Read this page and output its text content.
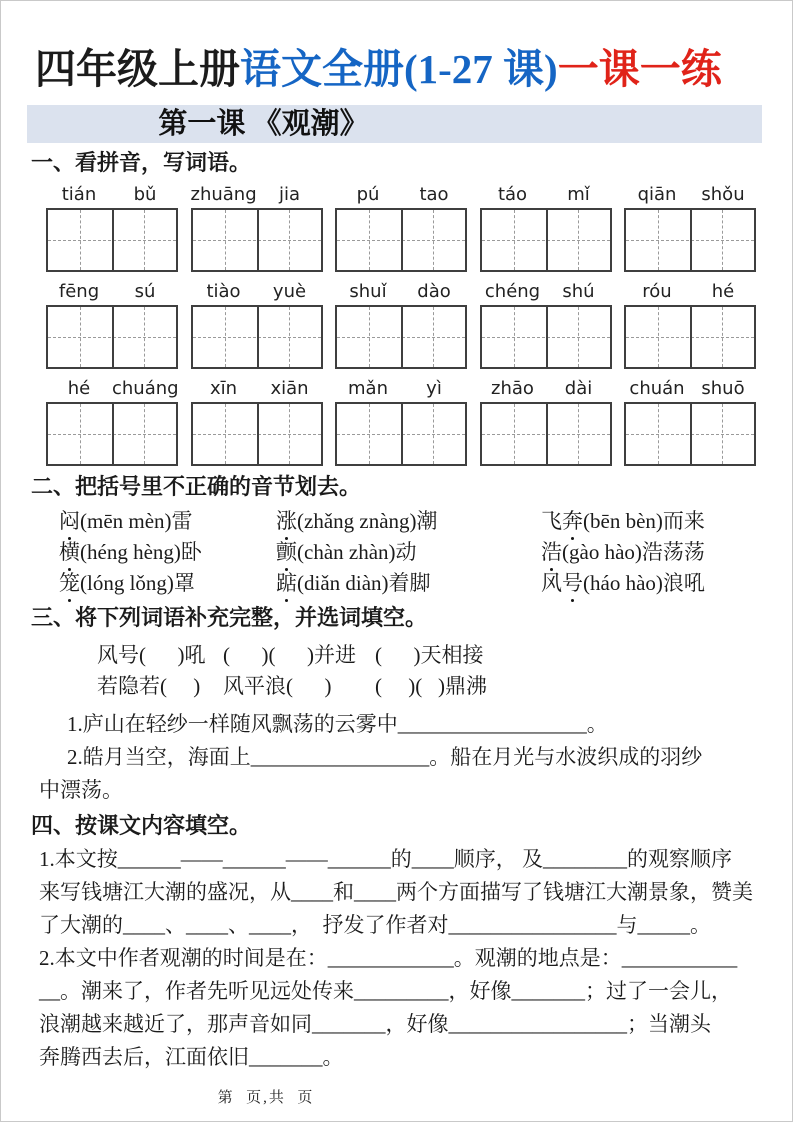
四年级上册语文全册(1-27 课)一课一练
第一课 《观潮》
一、看拼音，写词语。
tián	bǔ	zhuāng	jia	pú	tao	táo	mǐ	qiān	shǒu
fēng	sú	tiào	yuè	shuǐ	dào	chéng	shú	róu	hé
hé	chuáng	xīn	xiān	mǎn	yì	zhāo	dài	chuán shuō
二、把括号里不正确的音节划去。
闷(mēn mèn)雷	涨(zhǎng znàng)潮	飞奔(bēn bèn)而来
横(héng hèng)卧	颤(chàn zhàn)动	浩(gào hào)浩荡荡
笼(lóng lǒng)罩	踮(diǎn diàn)着脚	风号(háo hào)浪吼
三、将下列词语补充完整，并选词填空。
风号(      )吼 (      )(      )并进 (      )天相接
若隐若(     )	风平浪(      )	(     )(   )鼎沸
1.庐山在轻纱一样随风飘荡的云雾中__________________。
2.皓月当空，海面上_________________。船在月光与水波织成的羽纱
中漂荡。
四、按课文内容填空。
1.本文按______——______——______的____顺序， 及________的观察顺序
来写钱塘江大潮的盛况，从____和____两个方面描写了钱塘江大潮景象，赞美
了大潮的____、____、____，  抒发了作者对________________与_____。
2.本文中作者观潮的时间是在：____________。观潮的地点是：___________
__。潮来了，作者先听见远处传来_________，好像_______；过了一会儿，
浪潮越来越近了，那声音如同_______，好像_________________；当潮头
奔腾西去后，江面依旧_______。
第  页,共  页
